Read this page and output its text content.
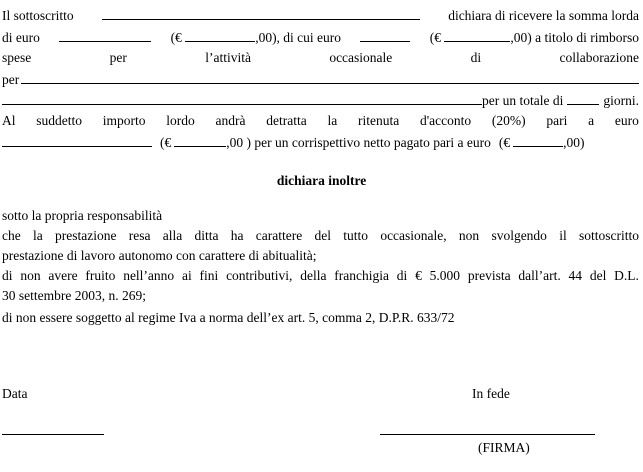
Il sottoscritto	dichiara di ricevere la somma lorda
di euro	(€	,00), di cui euro	(€	,00) a titolo di rimborso
spese	per	l’attività	occasionale	di	collaborazione
per
per un totale di	giorni.
Al suddetto importo lordo andrà detratta la ritenuta d'acconto (20%) pari a euro
(€	,00 ) per un corrispettivo netto pagato pari a euro (€	,00)
dichiara inoltre
sotto la propria responsabilità
che la prestazione resa alla ditta ha carattere del tutto occasionale, non svolgendo il sottoscritto
prestazione di lavoro autonomo con carattere di abitualità;
di non avere fruito nell’anno ai fini contributivi, della franchigia di € 5.000 prevista dall’art. 44 del D.L.
30 settembre 2003, n. 269;
di non essere soggetto al regime Iva a norma dell’ex art. 5, comma 2, D.P.R. 633/72
Data	In fede
(FIRMA)
